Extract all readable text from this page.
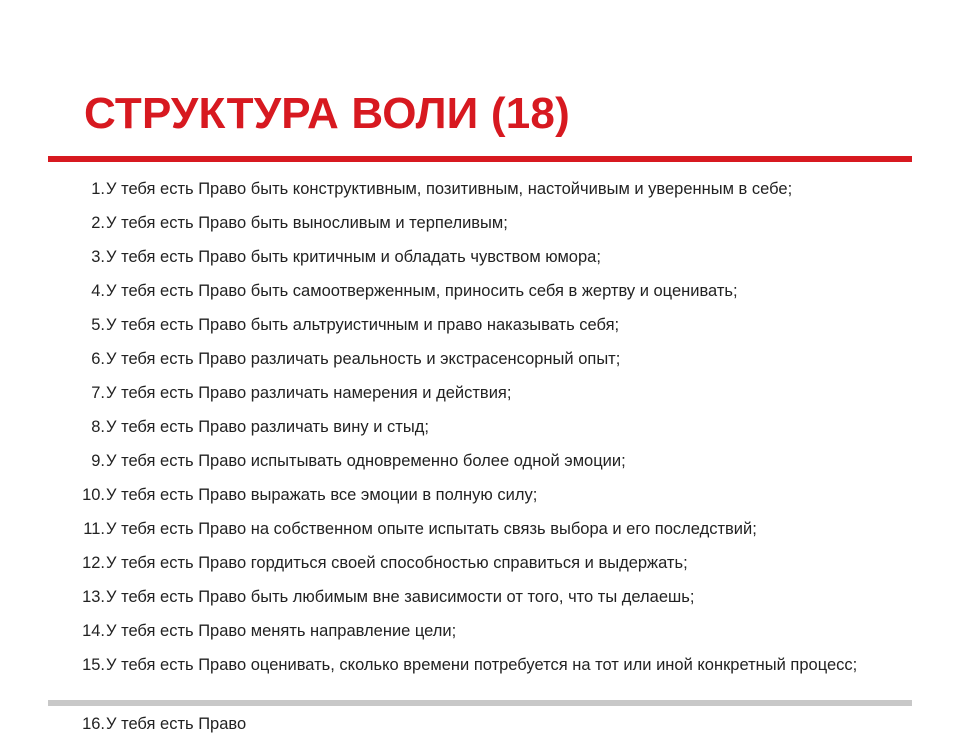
СТРУКТУРА ВОЛИ (18)
1. У тебя есть Право быть конструктивным, позитивным, настойчивым и уверенным в себе;
2. У тебя есть Право быть выносливым и терпеливым;
3. У тебя есть Право быть критичным и обладать чувством юмора;
4. У тебя есть Право быть самоотверженным, приносить себя в жертву и оценивать;
5. У тебя есть Право быть альтруистичным и право наказывать себя;
6. У тебя есть Право различать реальность и экстрасенсорный опыт;
7. У тебя есть Право различать намерения и действия;
8. У тебя есть Право различать вину и стыд;
9. У тебя есть Право испытывать одновременно более одной эмоции;
10. У тебя есть Право выражать все эмоции в полную силу;
11. У тебя есть Право на собственном опыте испытать связь выбора и его последствий;
12. У тебя есть Право гордиться своей способностью справиться и выдержать;
13. У тебя есть Право быть любимым вне зависимости от того, что ты делаешь;
14. У тебя есть Право менять направление цели;
15. У тебя есть Право оценивать, сколько времени потребуется на тот или иной конкретный процесс;
16. У тебя есть Право
